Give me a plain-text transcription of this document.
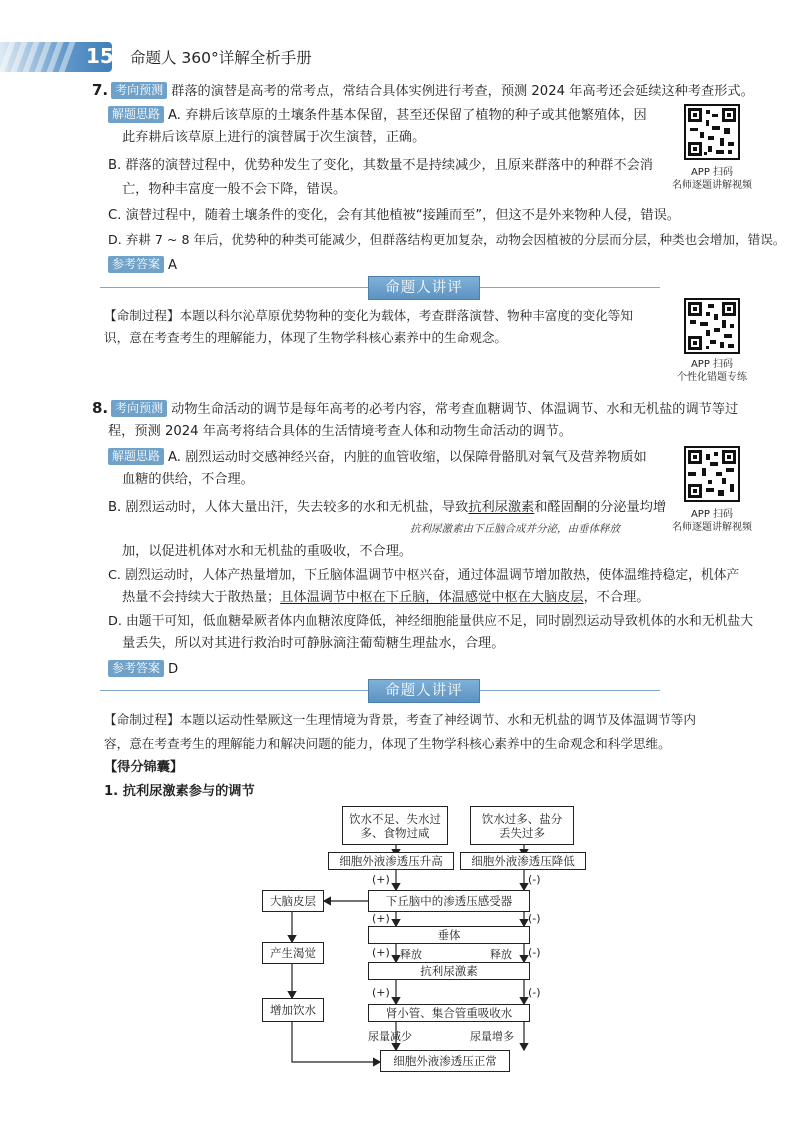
156 命题人 360°详解全析手册
7. 考向预测 群落的演替是高考的常考点，常结合具体实例进行考查，预测 2024 年高考还会延续这种考查形式。
解题思路 A. 弃耕后该草原的土壤条件基本保留，甚至还保留了植物的种子或其他繁殖体，因
此弃耕后该草原上进行的演替属于次生演替，正确。
B. 群落的演替过程中，优势种发生了变化，其数量不是持续减少，且原来群落中的种群不会消
亡，物种丰富度一般不会下降，错误。
C. 演替过程中，随着土壤条件的变化，会有其他植被“接踵而至”，但这不是外来物种人侵，错误。
D. 弃耕 7 ~ 8 年后，优势种的种类可能减少，但群落结构更加复杂，动物会因植被的分层而分层，种类也会增加，错误。
参考答案 A
APP 扫码
名师逐题讲解视频
命题人讲评
【命制过程】本题以科尔沁草原优势物种的变化为载体，考查群落演替、物种丰富度的变化等知
识，意在考查考生的理解能力，体现了生物学科核心素养中的生命观念。
APP 扫码
个性化错题专练
8. 考向预测 动物生命活动的调节是每年高考的必考内容，常考查血糖调节、体温调节、水和无机盐的调节等过
程，预测 2024 年高考将结合具体的生活情境考查人体和动物生命活动的调节。
解题思路 A. 剧烈运动时交感神经兴奋，内脏的血管收缩，以保障骨骼肌对氧气及营养物质如
血糖的供给，不合理。
B. 剧烈运动时，人体大量出汗，失去较多的水和无机盐，导致抗利尿激素和醛固酮的分泌量均增
抗利尿激素由下丘脑合成并分泌，由垂体释放
加，以促进机体对水和无机盐的重吸收，不合理。
C. 剧烈运动时，人体产热量增加，下丘脑体温调节中枢兴奋，通过体温调节增加散热，使体温维持稳定，机体产
热量不会持续大于散热量；且体温调节中枢在下丘脑，体温感觉中枢在大脑皮层，不合理。
D. 由题干可知，低血糖晕厥者体内血糖浓度降低，神经细胞能量供应不足，同时剧烈运动导致机体的水和无机盐大
量丢失，所以对其进行救治时可静脉滴注葡萄糖生理盐水，合理。
参考答案 D
APP 扫码
名师逐题讲解视频
命题人讲评
【命制过程】本题以运动性晕厥这一生理情境为背景，考查了神经调节、水和无机盐的调节及体温调节等内
容，意在考查考生的理解能力和解决问题的能力，体现了生物学科核心素养中的生命观念和科学思维。
【得分锦囊】
1. 抗利尿激素参与的调节
饮水不足、失水过多、食物过咸
饮水过多、盐分丢失过多
细胞外液渗透压升高	细胞外液渗透压降低
下丘脑中的渗透压感受器
大脑皮层
垂体
产生渴觉
抗利尿激素
增加饮水	肾小管、集合管重吸收水
细胞外液渗透压正常
(+)	(-)
(+)	(-)
(+) 释放	释放 (-)
(+)	(-)
尿量减少	尿量增多
